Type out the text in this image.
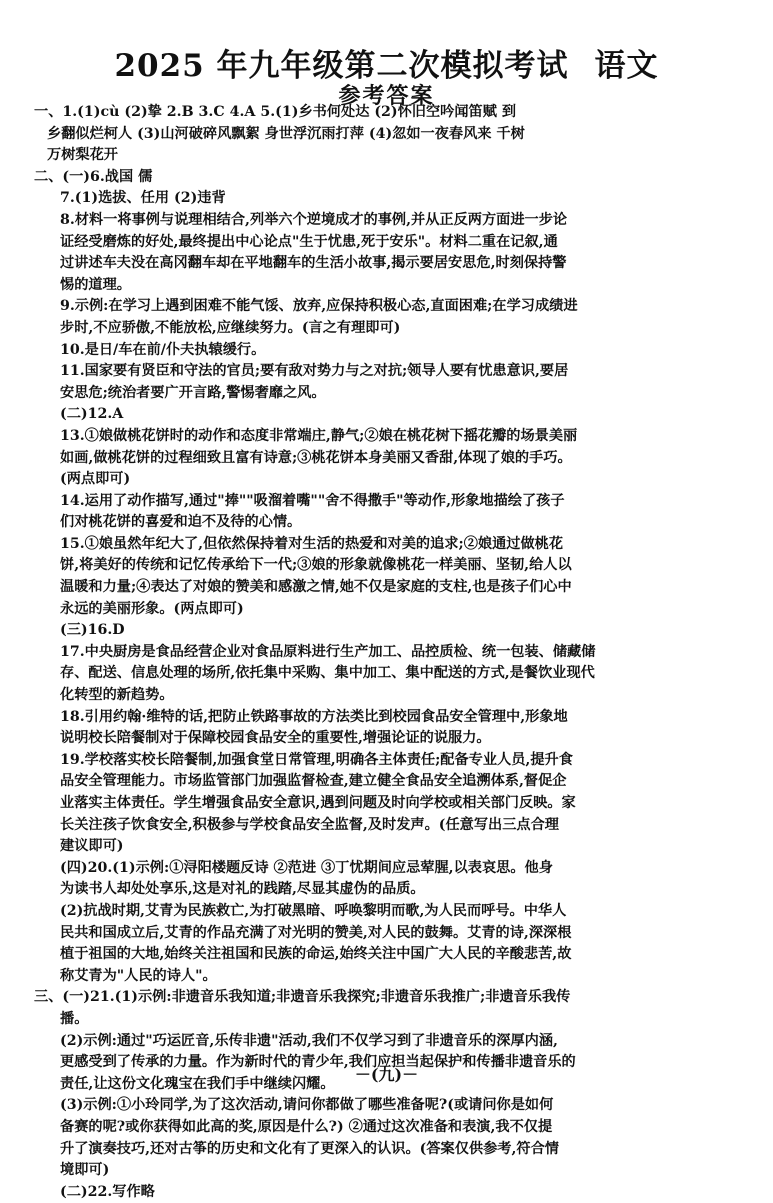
2025 年九年级第二次模拟考试 语文
参考答案
一、1.(1)cù (2)挚 2.B 3.C 4.A 5.(1)乡书何处达 (2)怀旧空吟闻笛赋 到
乡翻似烂柯人 (3)山河破碎风飘絮 身世浮沉雨打萍 (4)忽如一夜春风来 千树
万树梨花开
二、(一)6.战国 儒
7.(1)选拔、任用 (2)违背
8.材料一将事例与说理相结合,列举六个逆境成才的事例,并从正反两方面进一步论
证经受磨炼的好处,最终提出中心论点"生于忧患,死于安乐"。材料二重在记叙,通
过讲述车夫没在高冈翻车却在平地翻车的生活小故事,揭示要居安思危,时刻保持警
惕的道理。
9.示例:在学习上遇到困难不能气馁、放弃,应保持积极心态,直面困难;在学习成绩进
步时,不应骄傲,不能放松,应继续努力。(言之有理即可)
10.是日/车在前/仆夫执辕缓行。
11.国家要有贤臣和守法的官员;要有敌对势力与之对抗;领导人要有忧患意识,要居
安思危;统治者要广开言路,警惕奢靡之风。
(二)12.A
13.①娘做桃花饼时的动作和态度非常端庄,静气;②娘在桃花树下摇花瓣的场景美丽
如画,做桃花饼的过程细致且富有诗意;③桃花饼本身美丽又香甜,体现了娘的手巧。
(两点即可)
14.运用了动作描写,通过"捧""吸溜着嘴""舍不得撒手"等动作,形象地描绘了孩子
们对桃花饼的喜爱和迫不及待的心情。
15.①娘虽然年纪大了,但依然保持着对生活的热爱和对美的追求;②娘通过做桃花
饼,将美好的传统和记忆传承给下一代;③娘的形象就像桃花一样美丽、坚韧,给人以
温暖和力量;④表达了对娘的赞美和感激之情,她不仅是家庭的支柱,也是孩子们心中
永远的美丽形象。(两点即可)
(三)16.D
17.中央厨房是食品经营企业对食品原料进行生产加工、品控质检、统一包装、储藏储
存、配送、信息处理的场所,依托集中采购、集中加工、集中配送的方式,是餐饮业现代
化转型的新趋势。
18.引用约翰·维特的话,把防止铁路事故的方法类比到校园食品安全管理中,形象地
说明校长陪餐制对于保障校园食品安全的重要性,增强论证的说服力。
19.学校落实校长陪餐制,加强食堂日常管理,明确各主体责任;配备专业人员,提升食
品安全管理能力。市场监管部门加强监督检查,建立健全食品安全追溯体系,督促企
业落实主体责任。学生增强食品安全意识,遇到问题及时向学校或相关部门反映。家
长关注孩子饮食安全,积极参与学校食品安全监督,及时发声。(任意写出三点合理
建议即可)
(四)20.(1)示例:①浔阳楼题反诗 ②范进 ③丁忧期间应忌荤腥,以表哀思。他身
为读书人却处处享乐,这是对礼的践踏,尽显其虚伪的品质。
(2)抗战时期,艾青为民族救亡,为打破黑暗、呼唤黎明而歌,为人民而呼号。中华人
民共和国成立后,艾青的作品充满了对光明的赞美,对人民的鼓舞。艾青的诗,深深根
植于祖国的大地,始终关注祖国和民族的命运,始终关注中国广大人民的辛酸悲苦,故
称艾青为"人民的诗人"。
三、(一)21.(1)示例:非遗音乐我知道;非遗音乐我探究;非遗音乐我推广;非遗音乐我传
播。
(2)示例:通过"巧运匠音,乐传非遗"活动,我们不仅学习到了非遗音乐的深厚内涵,
更感受到了传承的力量。作为新时代的青少年,我们应担当起保护和传播非遗音乐的
责任,让这份文化瑰宝在我们手中继续闪耀。
(3)示例:①小玲同学,为了这次活动,请问你都做了哪些准备呢?(或请问你是如何
备赛的呢?或你获得如此高的奖,原因是什么?) ②通过这次准备和表演,我不仅提
升了演奏技巧,还对古筝的历史和文化有了更深入的认识。(答案仅供参考,符合情
境即可)
(二)22.写作略
－(九)－
